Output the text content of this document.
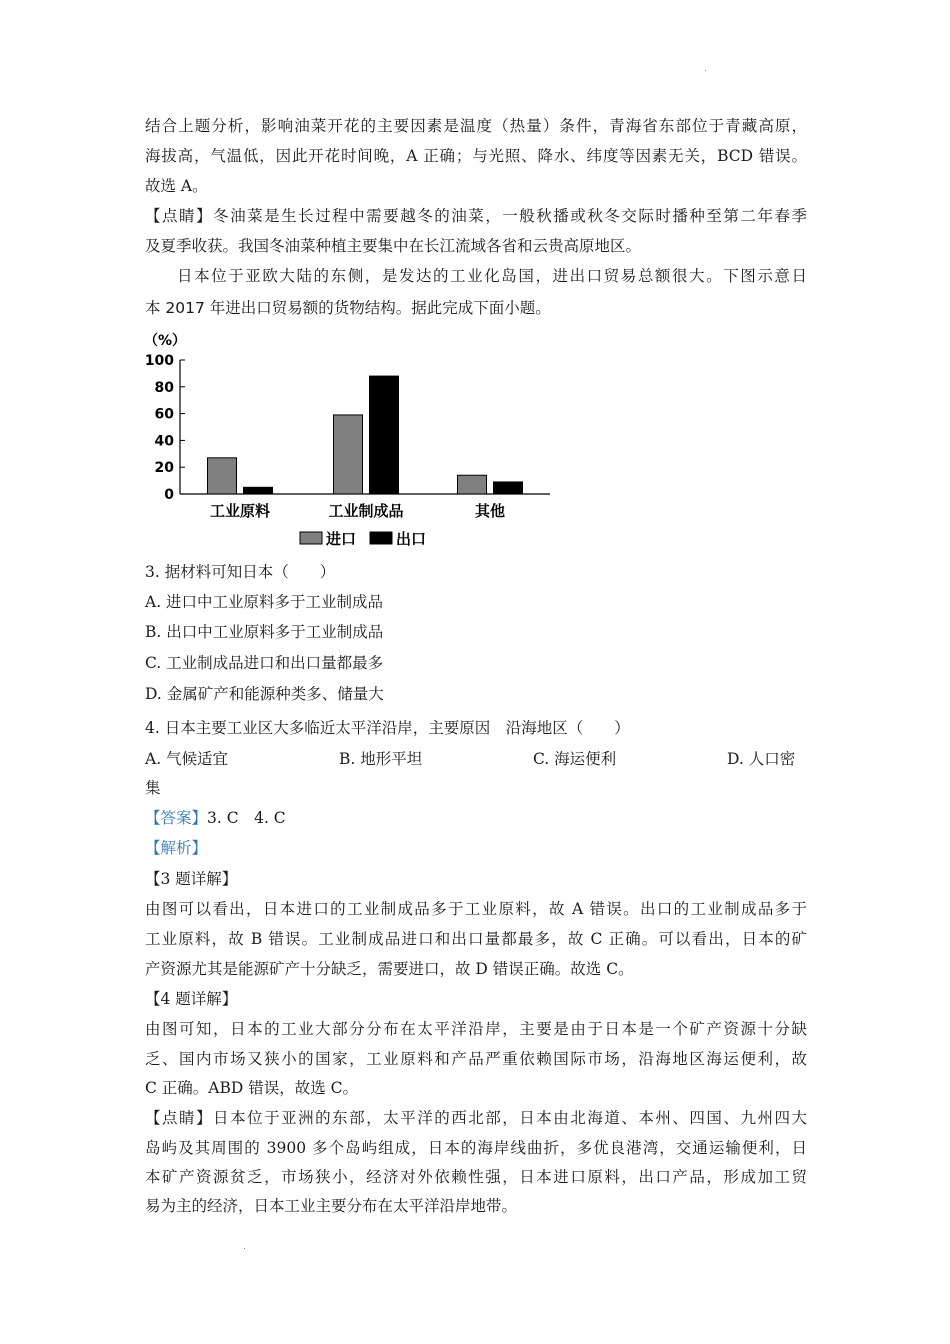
结合上题分析，影响油菜开花的主要因素是温度（热量）条件，青海省东部位于青藏高原，
海拔高，气温低，因此开花时间晚，A 正确；与光照、降水、纬度等因素无关，BCD 错误。
故选 A。
【点睛】冬油菜是生长过程中需要越冬的油菜，一般秋播或秋冬交际时播种至第二年春季
及夏季收获。我国冬油菜种植主要集中在长江流域各省和云贵高原地区。
日本位于亚欧大陆的东侧，是发达的工业化岛国，进出口贸易总额很大。下图示意日
本 2017 年进出口贸易额的货物结构。据此完成下面小题。
（%）
0
20
40
60
80
100
工业原料	工业制成品	其他
进口	出口
3. 据材料可知日本（　　）
A. 进口中工业原料多于工业制成品
B. 出口中工业原料多于工业制成品
C. 工业制成品进口和出口量都最多
D. 金属矿产和能源种类多、储量大
4. 日本主要工业区大多临近太平洋沿岸，主要原因　沿海地区（　　）
A. 气候适宜	B. 地形平坦	C. 海运便利	D. 人口密
集
【答案】3. C　4. C
【解析】
【3 题详解】
由图可以看出，日本进口的工业制成品多于工业原料，故 A 错误。出口的工业制成品多于
工业原料，故 B 错误。工业制成品进口和出口量都最多，故 C 正确。可以看出，日本的矿
产资源尤其是能源矿产十分缺乏，需要进口，故 D 错误正确。故选 C。
【4 题详解】
由图可知，日本的工业大部分分布在太平洋沿岸，主要是由于日本是一个矿产资源十分缺
乏、国内市场又狭小的国家，工业原料和产品严重依赖国际市场，沿海地区海运便利，故
C 正确。ABD 错误，故选 C。
【点睛】日本位于亚洲的东部，太平洋的西北部，日本由北海道、本州、四国、九州四大
岛屿及其周围的 3900 多个岛屿组成，日本的海岸线曲折，多优良港湾，交通运输便利，日
本矿产资源贫乏，市场狭小，经济对外依赖性强，日本进口原料，出口产品，形成加工贸
易为主的经济，日本工业主要分布在太平洋沿岸地带。
